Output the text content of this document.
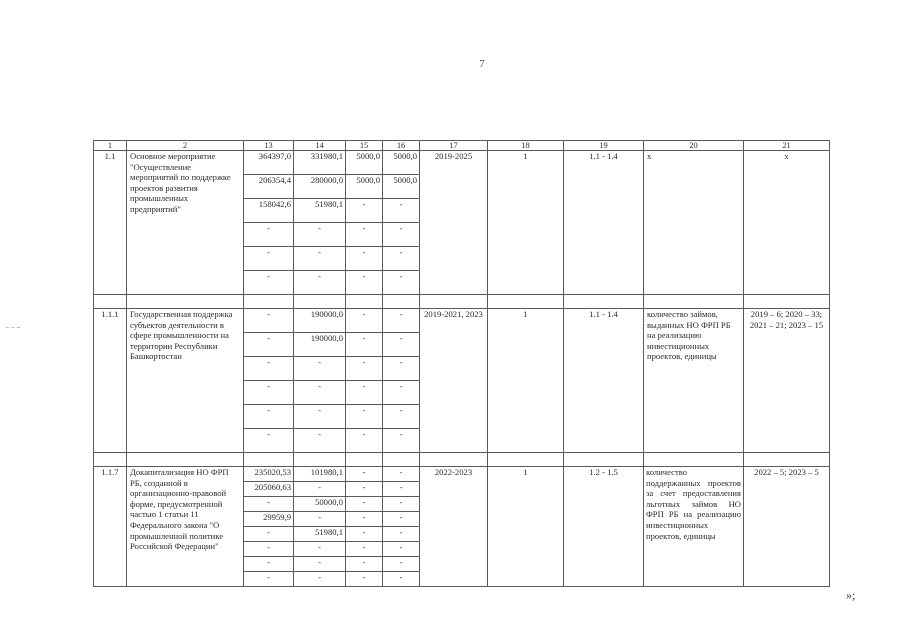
7
1	2	13	14	15	16	17	18	19	20	21
1.1	Основное мероприятие "Осуществление мероприятий по поддержке проектов развития промышленных предприятий"	364397,0	331980,1	5000,0	5000,0	2019-2025	1	1.1 - 1.4	х	х
		206354,4	280000,0	5000,0	5000,0					
		158042,6	51980,1	-	-					
		-	-	-	-					
		-	-	-	-					
		-	-	-	-					

1.1.1	Государственная поддержка субъектов деятельности в сфере промышленности на территории Республики Башкортостан	-	190000,0	-	-	2019-2021, 2023	1	1.1 - 1.4	количество займов, выданных НО ФРП РБ на реализацию инвестиционных проектов, единицы	2019 – 6; 2020 – 33; 2021 – 21; 2023 – 15
		-	190000,0	-	-					
		-	-	-	-					
		-	-	-	-					
		-	-	-	-					
		-	-	-	-					

1.1.7	Докапитализация НО ФРП РБ, созданной в организационно-правовой форме, предусмотренной частью 1 статьи 11 Федерального закона "О промышленной политике Российской Федерации"	235020,53	101980,1	-	-	2022-2023	1	1.2 - 1.5	количество поддержанных проектов за счет предоставления льготных займов НО ФРП РБ на реализацию инвестиционных проектов, единицы	2022 – 5; 2023 – 5
		205060,63	-	-	-					
		-	50000,0	-	-					
		29959,9	-	-	-					
		-	51980,1	-	-					
		-	-	-	-					
		-	-	-	-					
		-	-	-	-					
»;
